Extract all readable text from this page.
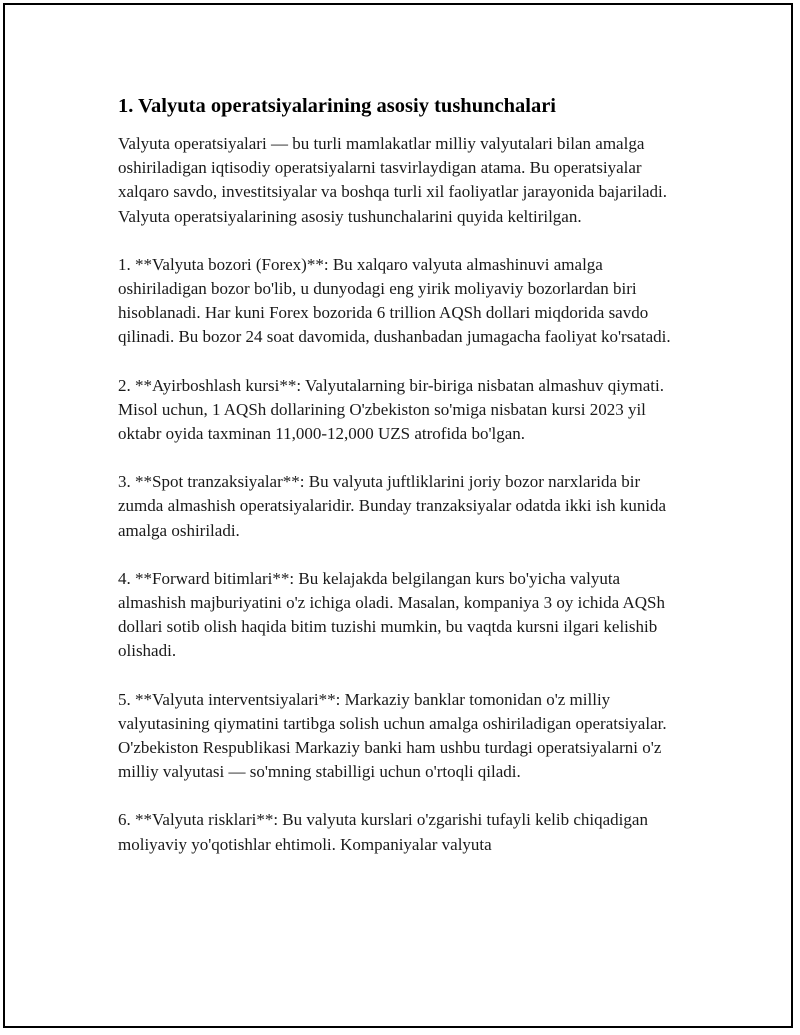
1. Valyuta operatsiyalarining asosiy tushunchalari

Valyuta operatsiyalari — bu turli mamlakatlar milliy valyutalari bilan amalga oshiriladigan iqtisodiy operatsiyalarni tasvirlaydigan atama. Bu operatsiyalar xalqaro savdo, investitsiyalar va boshqa turli xil faoliyatlar jarayonida bajariladi. Valyuta operatsiyalarining asosiy tushunchalarini quyida keltirilgan.

1. **Valyuta bozori (Forex)**: Bu xalqaro valyuta almashinuvi amalga oshiriladigan bozor bo'lib, u dunyodagi eng yirik moliyaviy bozorlardan biri hisoblanadi. Har kuni Forex bozorida 6 trillion AQSh dollari miqdorida savdo qilinadi. Bu bozor 24 soat davomida, dushanbadan jumagacha faoliyat ko'rsatadi.

2. **Ayirboshlash kursi**: Valyutalarning bir-biriga nisbatan almashuv qiymati. Misol uchun, 1 AQSh dollarining O'zbekiston so'miga nisbatan kursi 2023 yil oktabr oyida taxminan 11,000-12,000 UZS atrofida bo'lgan.

3. **Spot tranzaksiyalar**: Bu valyuta juftliklarini joriy bozor narxlarida bir zumda almashish operatsiyalaridir. Bunday tranzaksiyalar odatda ikki ish kunida amalga oshiriladi.

4. **Forward bitimlari**: Bu kelajakda belgilangan kurs bo'yicha valyuta almashish majburiyatini o'z ichiga oladi. Masalan, kompaniya 3 oy ichida AQSh dollari sotib olish haqida bitim tuzishi mumkin, bu vaqtda kursni ilgari kelishib olishadi.

5. **Valyuta interventsiyalari**: Markaziy banklar tomonidan o'z milliy valyutasining qiymatini tartibga solish uchun amalga oshiriladigan operatsiyalar. O'zbekiston Respublikasi Markaziy banki ham ushbu turdagi operatsiyalarni o'z milliy valyutasi — so'mning stabilligi uchun o'rtoqli qiladi.

6. **Valyuta risklari**: Bu valyuta kurslari o'zgarishi tufayli kelib chiqadigan moliyaviy yo'qotishlar ehtimoli. Kompaniyalar valyuta
